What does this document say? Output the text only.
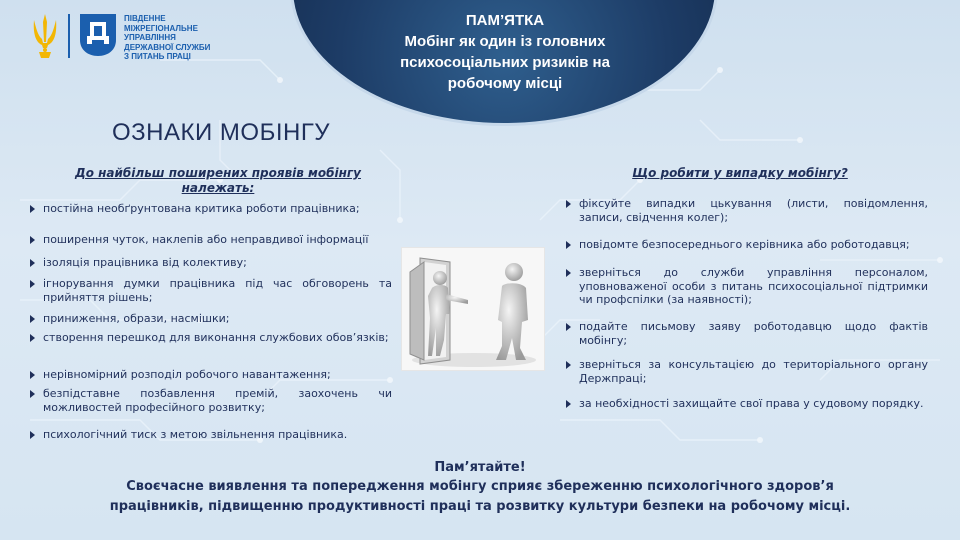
ПІВДЕННЕ
МІЖРЕГІОНАЛЬНЕ
УПРАВЛІННЯ
ДЕРЖАВНОЇ СЛУЖБИ
З ПИТАНЬ ПРАЦІ
ПАМ’ЯТКА
Мобінг як один із головних
психосоціальних ризиків на
робочому місці
ОЗНАКИ МОБІНГУ
До найбільш поширених проявів мобінгу належать:
постійна необґрунтована критика роботи працівника;
поширення чуток, наклепів або неправдивої інформації
ізоляція працівника від колективу;
ігнорування думки працівника під час обговорень та прийняття рішень;
приниження, образи, насмішки;
створення перешкод для виконання службових обов’язків;
нерівномірний розподіл робочого навантаження;
безпідставне позбавлення премій, заохочень чи можливостей професійного розвитку;
психологічний тиск з метою звільнення працівника.
Що робити у випадку мобінгу?
фіксуйте випадки цькування (листи, повідомлення, записи, свідчення колег);
повідомте безпосереднього керівника або роботодавця;
зверніться до служби управління персоналом, уповноваженої особи з питань психосоціальної підтримки чи профспілки (за наявності);
подайте письмову заяву роботодавцю щодо фактів мобінгу;
зверніться за консультацією до територіального органу Держпраці;
за необхідності захищайте свої права у судовому порядку.
Пам’ятайте!
Своєчасне виявлення та попередження мобінгу сприяє збереженню психологічного здоров’я працівників, підвищенню продуктивності праці та розвитку культури безпеки на робочому місці.
